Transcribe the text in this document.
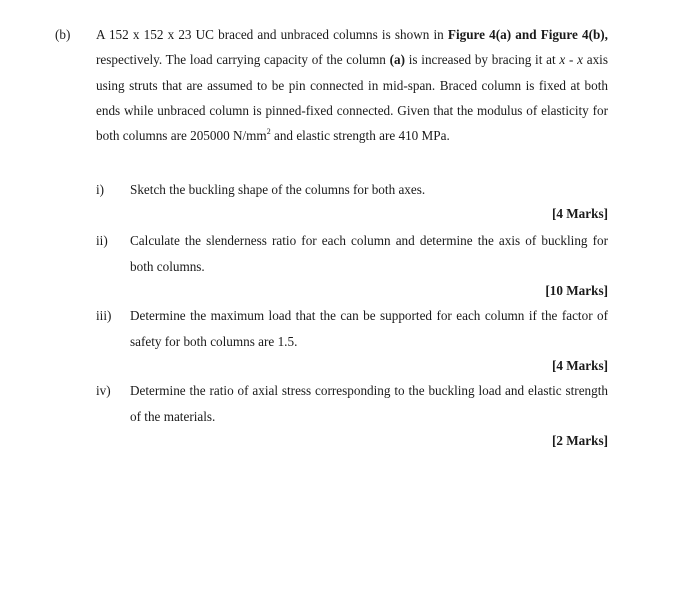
(b) A 152 x 152 x 23 UC braced and unbraced columns is shown in Figure 4(a) and Figure 4(b), respectively. The load carrying capacity of the column (a) is increased by bracing it at x - x axis using struts that are assumed to be pin connected in mid-span. Braced column is fixed at both ends while unbraced column is pinned-fixed connected. Given that the modulus of elasticity for both columns are 205000 $N/mm^2$ and elastic strength are 410 MPa.

i) Sketch the buckling shape of the columns for both axes.

[4 Marks]
ii) Calculate the slenderness ratio for each column and determine the axis of buckling for both columns.

[10 Marks]
iii) Determine the maximum load that the can be supported for each column if the factor of safety for both columns are 1.5.

[4 Marks]
iv) Determine the ratio of axial stress corresponding to the buckling load and elastic strength of the materials.

[2 Marks]
